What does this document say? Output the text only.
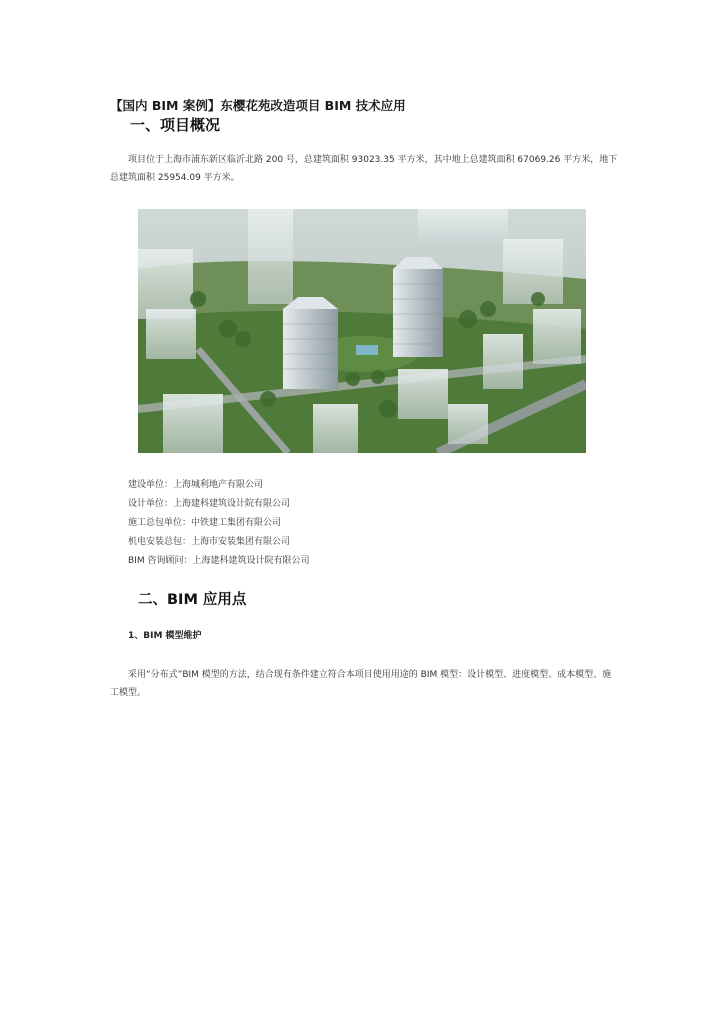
【国内 BIM 案例】东樱花苑改造项目 BIM 技术应用
一、项目概况
项目位于上海市浦东新区临沂北路 200 号，总建筑面积 93023.35 平方米，其中地上总建筑面积 67069.26 平方米，地下总建筑面积 25954.09 平方米。
建设单位：上海城利地产有限公司
设计单位：上海建科建筑设计院有限公司
施工总包单位：中铁建工集团有限公司
机电安装总包：上海市安装集团有限公司
BIM 咨询顾问：上海建科建筑设计院有限公司
二、BIM 应用点
1、BIM 模型维护
采用“分布式”BIM 模型的方法，结合现有条件建立符合本项目使用用途的 BIM 模型：设计模型、进度模型、成本模型、施工模型。
